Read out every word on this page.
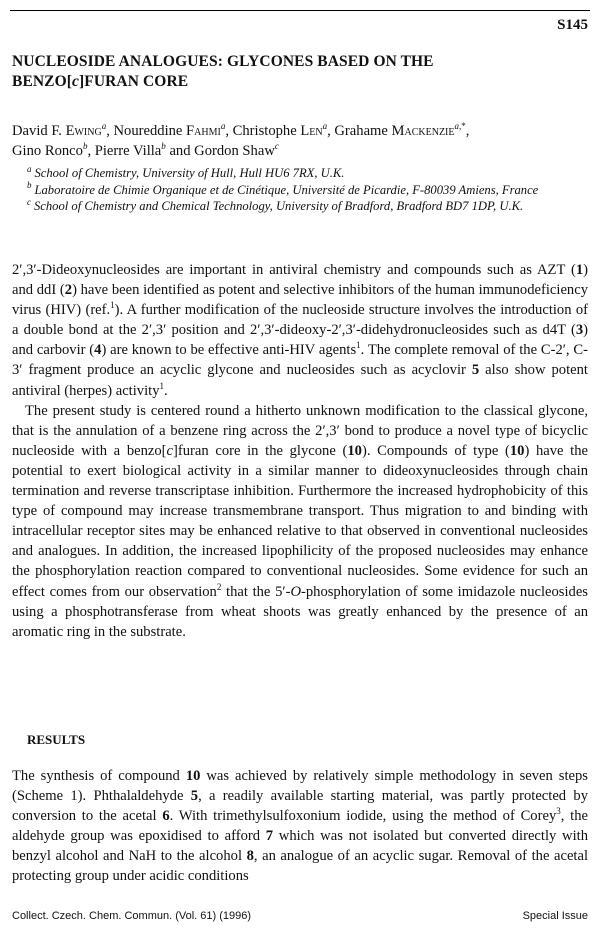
S145
NUCLEOSIDE ANALOGUES: GLYCONES BASED ON THE
BENZO[c]FURAN CORE
David F. Ewing$^a$, Noureddine Fahmi$^a$, Christophe Len$^a$, Grahame Mackenzie$^{a,*}$,
Gino Ronco$^b$, Pierre Villa$^b$ and Gordon Shaw$^c$

$^a$ School of Chemistry, University of Hull, Hull HU6 7RX, U.K.

$^b$ Laboratoire de Chimie Organique et de Cinétique, Université de Picardie, F-80039 Amiens, France

$^c$ School of Chemistry and Chemical Technology, University of Bradford, Bradford BD7 1DP, U.K.

2′,3′-Dideoxynucleosides are important in antiviral chemistry and compounds such as AZT (1) and ddI (2) have been identified as potent and selective inhibitors of the human immunodeficiency virus (HIV) (ref.$^1$). A further modification of the nucleoside structure involves the introduction of a double bond at the 2′,3′ position and 2′,3′-dideoxy-2′,3′-didehydronucleosides such as d4T (3) and carbovir (4) are known to be effective anti-HIV agents$^1$. The complete removal of the C-2′, C-3′ fragment produce an acyclic glycone and nucleosides such as acyclovir 5 also show potent antiviral (herpes) activity$^1$.

The present study is centered round a hitherto unknown modification to the classical glycone, that is the annulation of a benzene ring across the 2′,3′ bond to produce a novel type of bicyclic nucleoside with a benzo[c]furan core in the glycone (10). Compounds of type (10) have the potential to exert biological activity in a similar manner to dideoxynucleosides through chain termination and reverse transcriptase inhibition. Furthermore the increased hydrophobicity of this type of compound may increase transmembrane transport. Thus migration to and binding with intracellular receptor sites may be enhanced relative to that observed in conventional nucleosides and analogues. In addition, the increased lipophilicity of the proposed nucleosides may enhance the phosphorylation reaction compared to conventional nucleosides. Some evidence for such an effect comes from our observation$^2$ that the 5′-O-phosphorylation of some imidazole nucleosides using a phosphotransferase from wheat shoots was greatly enhanced by the presence of an aromatic ring in the substrate.

RESULTS

The synthesis of compound 10 was achieved by relatively simple methodology in seven steps (Scheme 1). Phthalaldehyde 5, a readily available starting material, was partly protected by conversion to the acetal 6. With trimethylsulfoxonium iodide, using the method of Corey$^3$, the aldehyde group was epoxidised to afford 7 which was not isolated but converted directly with benzyl alcohol and NaH to the alcohol 8, an analogue of an acyclic sugar. Removal of the acetal protecting group under acidic conditions

Collect. Czech. Chem. Commun. (Vol. 61) (1996)	Special Issue
